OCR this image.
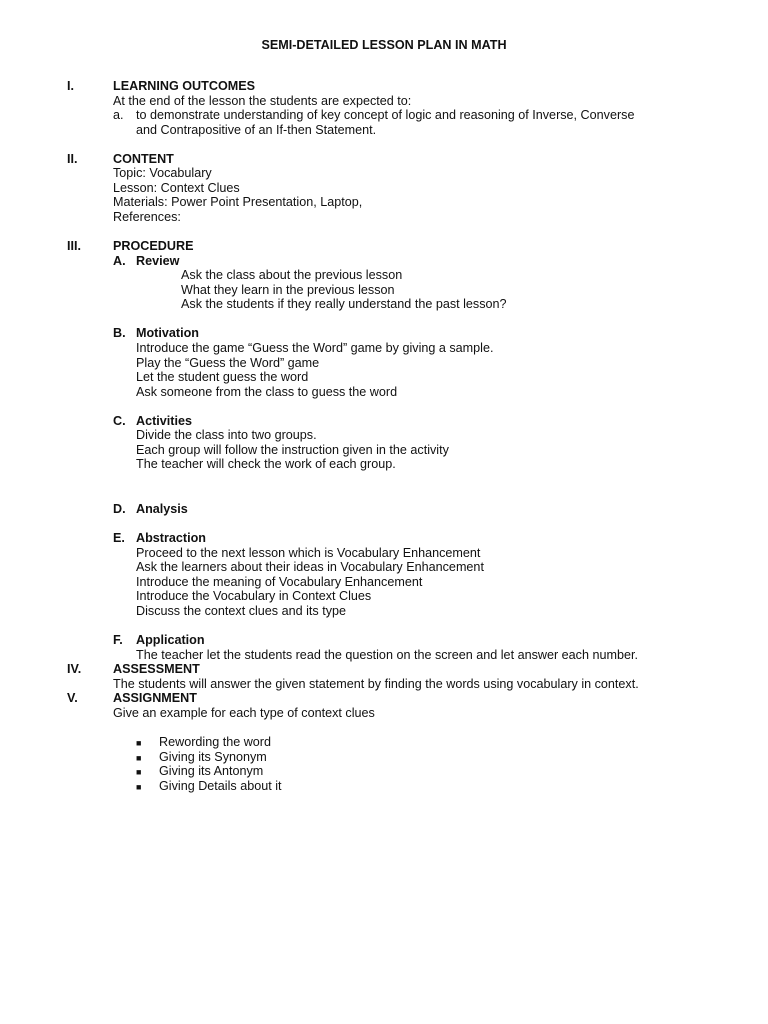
SEMI-DETAILED LESSON PLAN IN MATH
I.	LEARNING OUTCOMES
At the end of the lesson the students are expected to:
a. to demonstrate understanding of key concept of logic and reasoning of Inverse, Converse
and Contrapositive of an If-then Statement.
II.	CONTENT
Topic: Vocabulary
Lesson: Context Clues
Materials: Power Point Presentation, Laptop,
References:
III.	PROCEDURE
A. Review
Ask the class about the previous lesson
What they learn in the previous lesson
Ask the students if they really understand the past lesson?
B. Motivation
Introduce the game “Guess the Word” game by giving a sample.
Play the “Guess the Word” game
Let the student guess the word
Ask someone from the class to guess the word
C. Activities
Divide the class into two groups.
Each group will follow the instruction given in the activity
The teacher will check the work of each group.
D. Analysis
E. Abstraction
Proceed to the next lesson which is Vocabulary Enhancement
Ask the learners about their ideas in Vocabulary Enhancement
Introduce the meaning of Vocabulary Enhancement
Introduce the Vocabulary in Context Clues
Discuss the context clues and its type
F. Application
The teacher let the students read the question on the screen and let answer each number.
IV.	ASSESSMENT
The students will answer the given statement by finding the words using vocabulary in context.
V.	ASSIGNMENT
Give an example for each type of context clues
■ Rewording the word
■ Giving its Synonym
■ Giving its Antonym
■ Giving Details about it
